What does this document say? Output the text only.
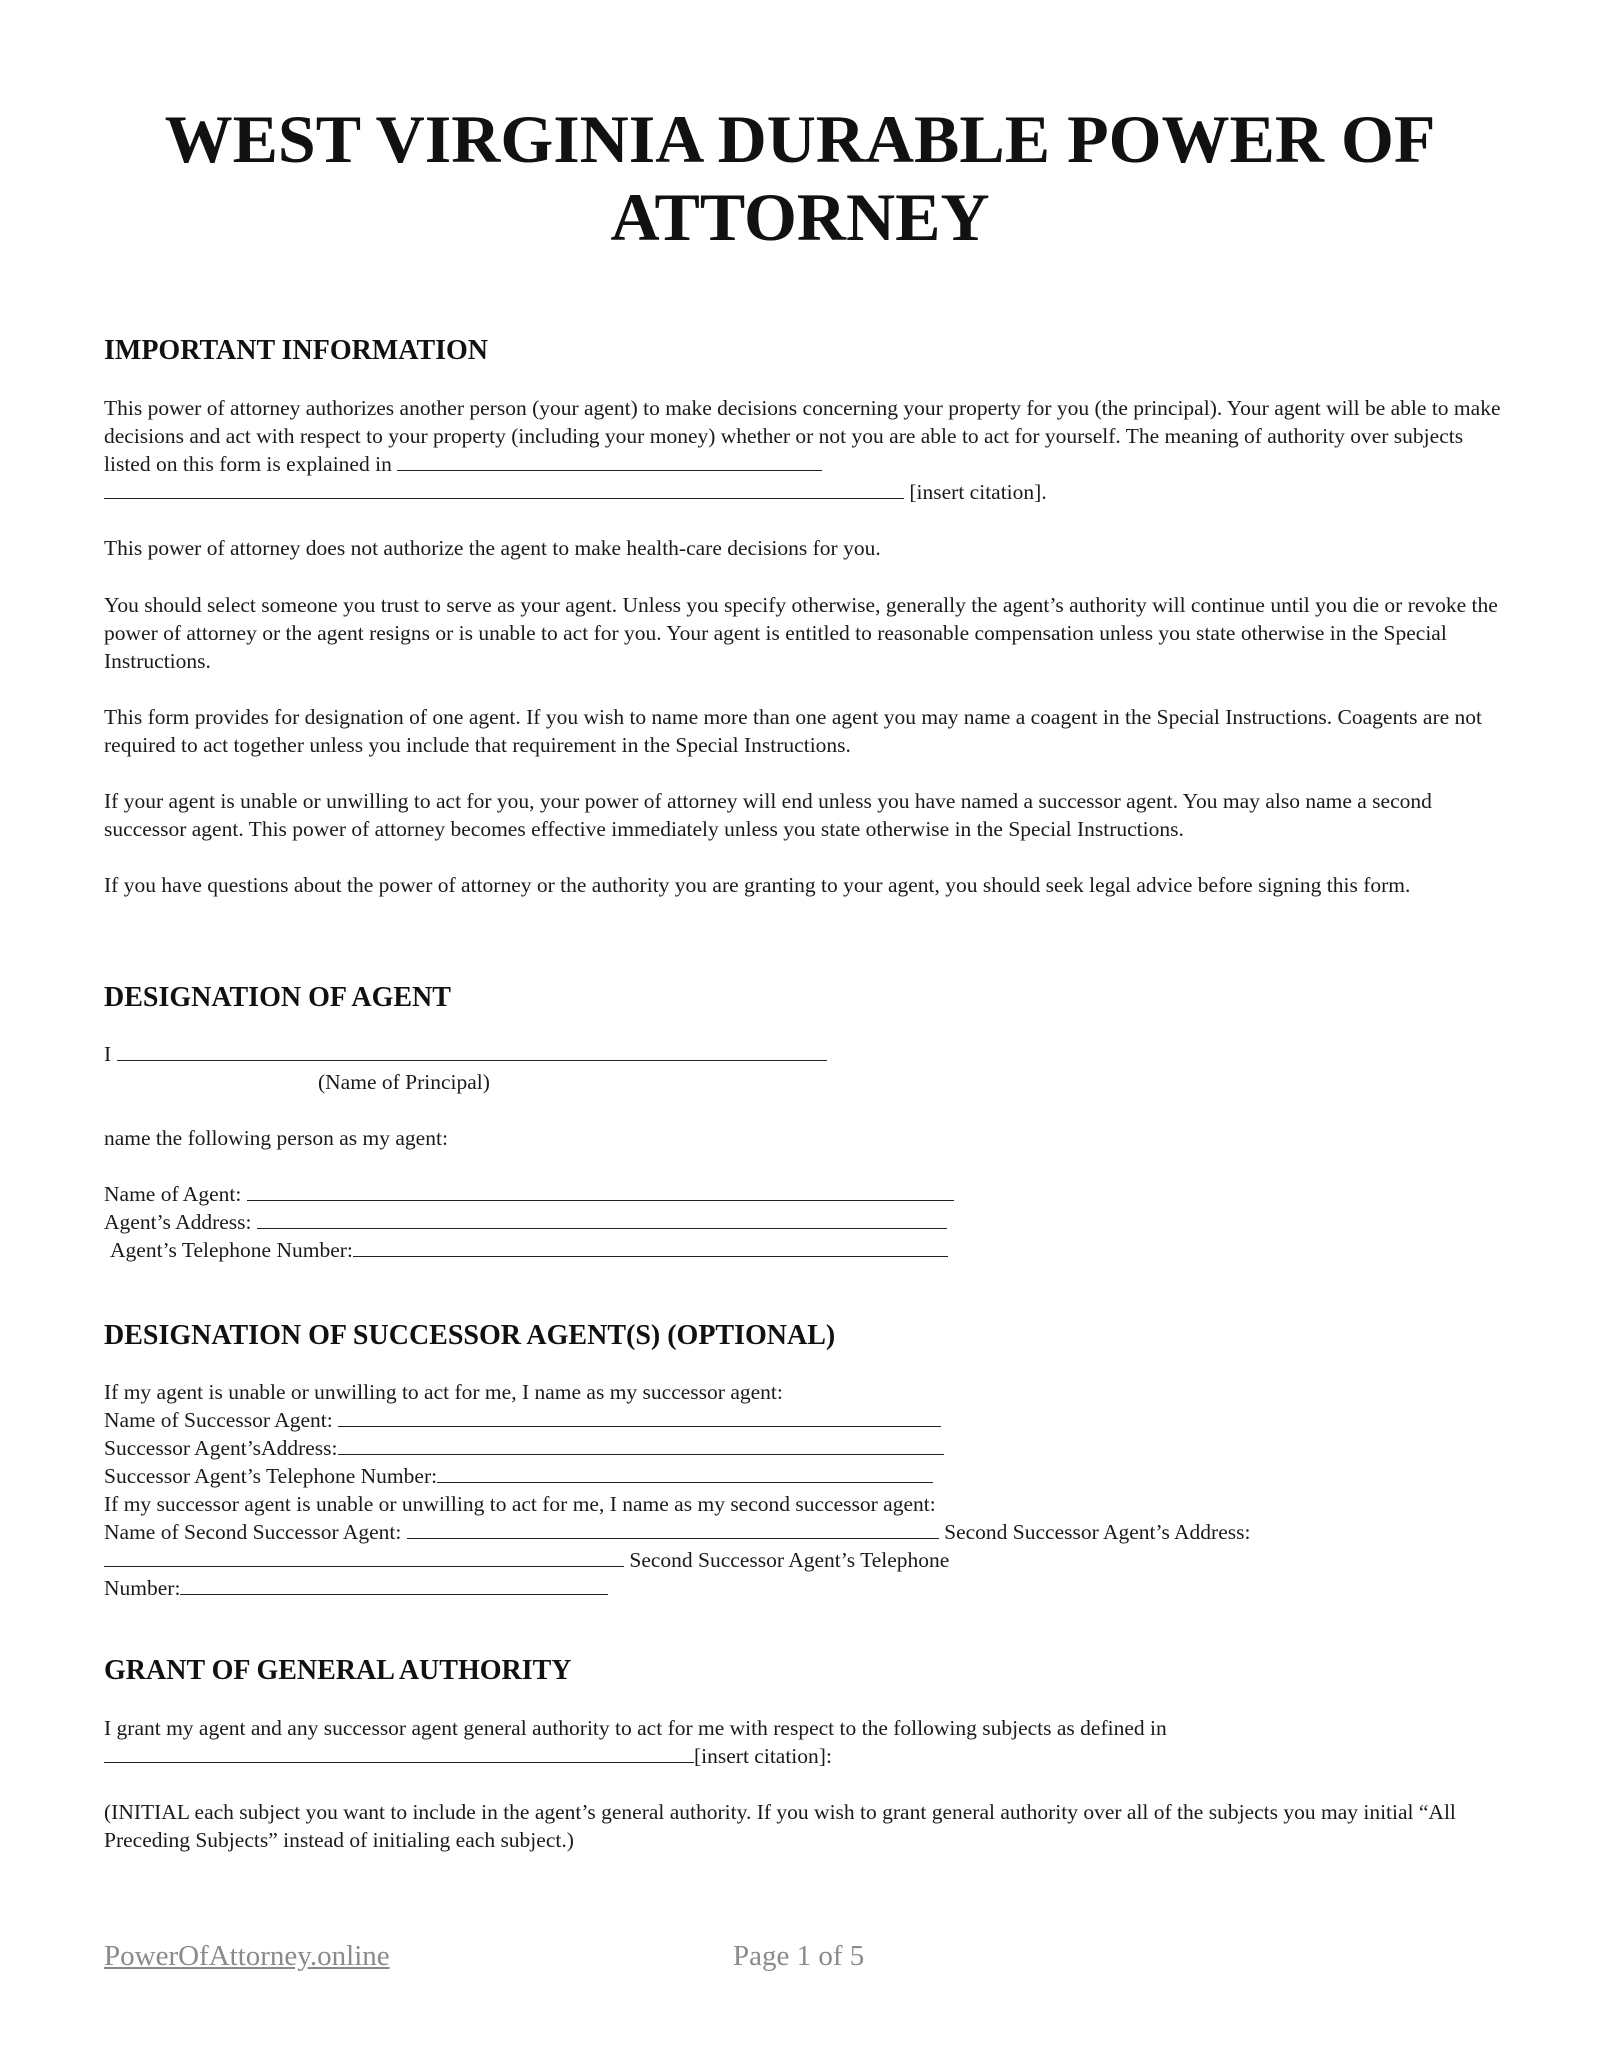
WEST VIRGINIA DURABLE POWER OF
ATTORNEY
IMPORTANT INFORMATION

This power of attorney authorizes another person (your agent) to make decisions concerning your property for you (the principal). Your agent will be able to make decisions and act with respect to your property (including your money) whether or not you are able to act for yourself. The meaning of authority over subjects listed on this form is explained in
[insert citation].

This power of attorney does not authorize the agent to make health-care decisions for you.

You should select someone you trust to serve as your agent. Unless you specify otherwise, generally the agent’s authority will continue until you die or revoke the power of attorney or the agent resigns or is unable to act for you. Your agent is entitled to reasonable compensation unless you state otherwise in the Special Instructions.

This form provides for designation of one agent. If you wish to name more than one agent you may name a coagent in the Special Instructions. Coagents are not required to act together unless you include that requirement in the Special Instructions.

If your agent is unable or unwilling to act for you, your power of attorney will end unless you have named a successor agent. You may also name a second successor agent. This power of attorney becomes effective immediately unless you state otherwise in the Special Instructions.

If you have questions about the power of attorney or the authority you are granting to your agent, you should seek legal advice before signing this form.

DESIGNATION OF AGENT

I

(Name of Principal)

name the following person as my agent:

Name of Agent:

Agent’s Address:

Agent’s Telephone Number:

DESIGNATION OF SUCCESSOR AGENT(S) (OPTIONAL)

If my agent is unable or unwilling to act for me, I name as my successor agent:

Name of Successor Agent:

Successor Agent’sAddress:

Successor Agent’s Telephone Number:

If my successor agent is unable or unwilling to act for me, I name as my second successor agent:

Name of Second Successor Agent:	Second Successor Agent’s Address:

Second Successor Agent’s Telephone

Number:

GRANT OF GENERAL AUTHORITY

I grant my agent and any successor agent general authority to act for me with respect to the following subjects as defined in

[insert citation]:

(INITIAL each subject you want to include in the agent’s general authority. If you wish to grant general authority over all of the subjects you may initial “All Preceding Subjects” instead of initialing each subject.)

PowerOfAttorney.online	Page 1 of 5
